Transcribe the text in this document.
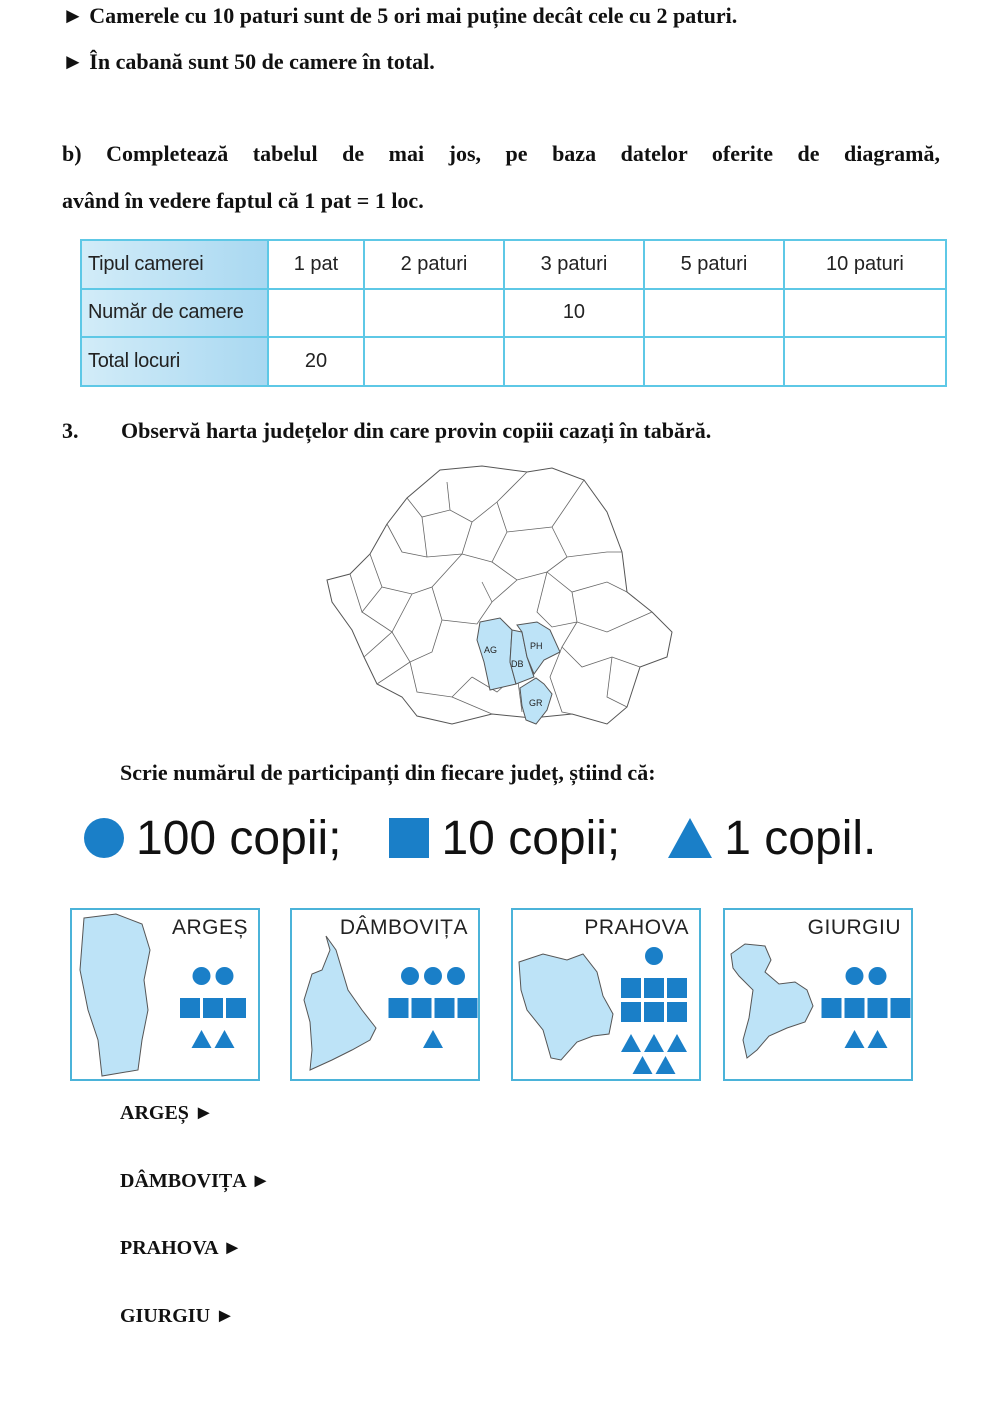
► Camerele cu 10 paturi sunt de 5 ori mai puține decât cele cu 2 paturi.
► În cabană sunt 50 de camere în total.
b) Completează tabelul de mai jos, pe baza datelor oferite de diagramă,
având în vedere faptul că 1 pat = 1 loc.
Tipul camerei	1 pat	2 paturi	3 paturi	5 paturi	10 paturi
Număr de camere			10		
Total locuri	20				
3. Observă harta județelor din care provin copiii cazați în tabără.
AG
DB
PH
GR
Scrie numărul de participanți din fiecare județ, știind că:
100 copii; 10 copii; 1 copil.
ARGEȘ	DÂMBOVIȚA	PRAHOVA	GIURGIU
ARGEȘ ►
DÂMBOVIȚA ►
PRAHOVA ►
GIURGIU ►
